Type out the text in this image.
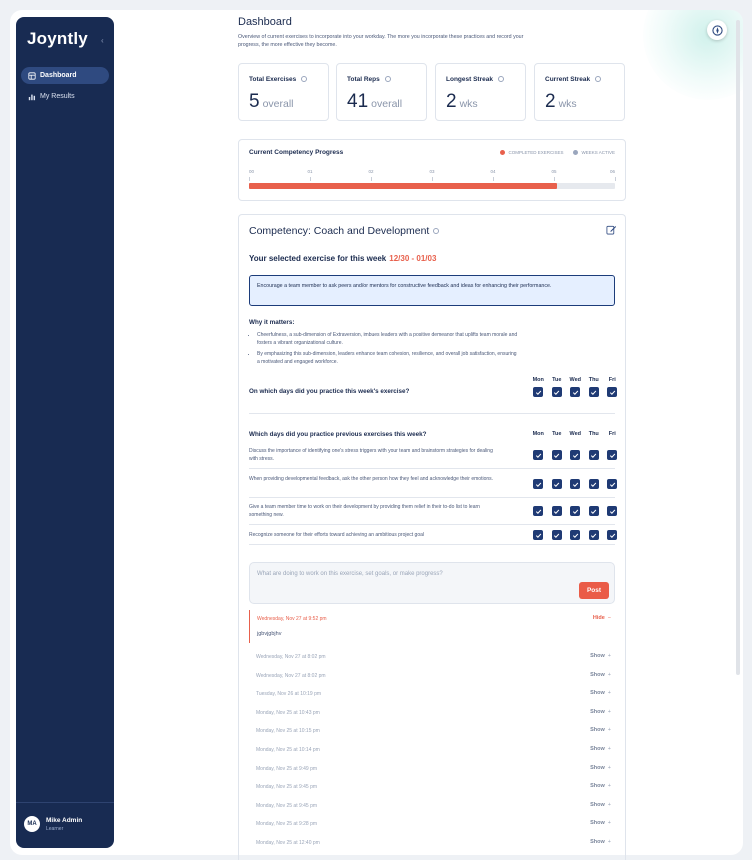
Joyntly ‹
Dashboard
My Results
MA
Mike Admin
Learner
Dashboard
Overview of current exercises to incorporate into your workday. The more you incorporate these practices and record your progress, the more effective they become.
Total Exercises
5 overall
Total Reps
41 overall
Longest Streak
2 wks
Current Streak
2 wks
Current Competency Progress	COMPLETED EXERCISES	WEEKS ACTIVE
00	01	02	03	04	05	06
Competency: Coach and Development
Your selected exercise for this week 12/30 - 01/03
Encourage a team member to ask peers and/or mentors for constructive feedback and ideas for enhancing their performance.
Why it matters:
• Cheerfulness, a sub-dimension of Extraversion, imbues leaders with a positive demeanor that uplifts team morale and fosters a vibrant organizational culture.
• By emphasizing this sub-dimension, leaders enhance team cohesion, resilience, and overall job satisfaction, ensuring a motivated and engaged workforce.
Mon	Tue	Wed	Thu	Fri
On which days did you practice this week's exercise?
Which days did you practice previous exercises this week?	Mon	Tue	Wed	Thu	Fri
Discuss the importance of identifying one's stress triggers with your team and brainstorm strategies for dealing with stress.
When providing developmental feedback, ask the other person how they feel and acknowledge their emotions.
Give a team member time to work on their development by providing them relief in their to-do list to learn something new.
Recognize someone for their efforts toward achieving an ambitious project goal
What are doing to work on this exercise, set goals, or make progress?
Post
Wednesday, Nov 27 at 9:52 pm	Hide −
jgbvjgbjhv
Wednesday, Nov 27 at 8:02 pm	Show +
Wednesday, Nov 27 at 8:02 pm	Show +
Tuesday, Nov 26 at 10:19 pm	Show +
Monday, Nov 25 at 10:43 pm	Show +
Monday, Nov 25 at 10:15 pm	Show +
Monday, Nov 25 at 10:14 pm	Show +
Monday, Nov 25 at 9:49 pm	Show +
Monday, Nov 25 at 9:45 pm	Show +
Monday, Nov 25 at 9:45 pm	Show +
Monday, Nov 25 at 9:28 pm	Show +
Monday, Nov 25 at 12:40 pm	Show +
